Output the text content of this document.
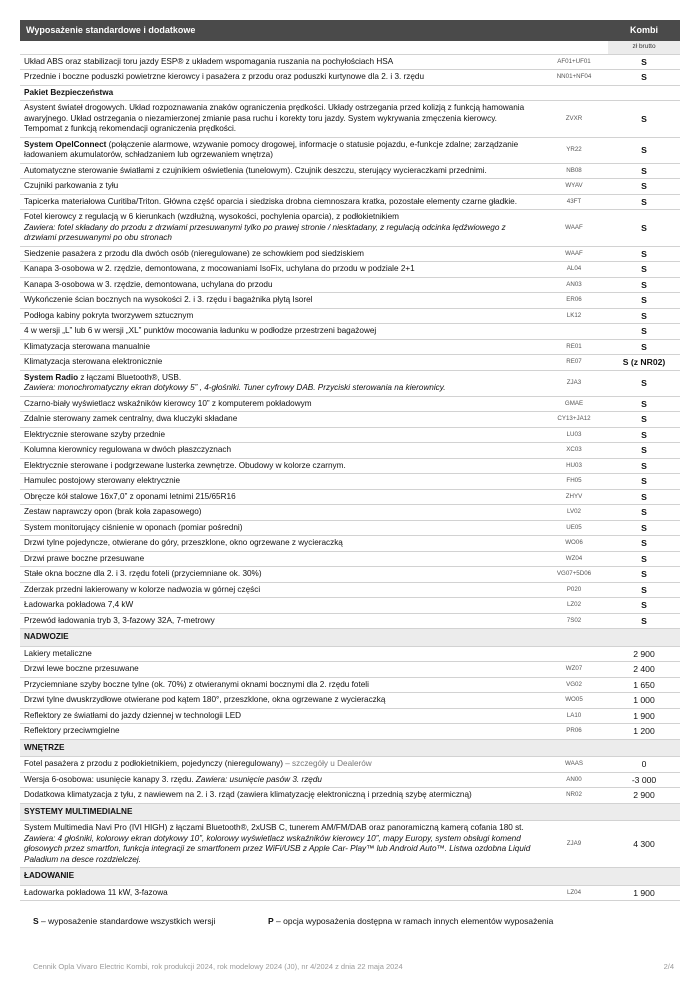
Wyposażenie standardowe i dodatkowe		Kombi
		zł brutto
Układ ABS oraz stabilizacji toru jazdy ESP® z układem wspomagania ruszania na pochyłościach HSA	AF01+UF01	S
Przednie i boczne poduszki powietrzne kierowcy i pasażera z przodu oraz poduszki kurtynowe dla 2. i 3. rzędu	NN01+NF04	S
Pakiet Bezpieczeństwa		
Asystent świateł drogowych. Układ rozpoznawania znaków ograniczenia prędkości. Układy ostrzegania przed kolizją z funkcją hamowania awaryjnego. Układ ostrzegania o niezamierzonej zmianie pasa ruchu i korekty toru jazdy. System wykrywania zmęczenia kierowcy. Tempomat z funkcją rekomendacji ograniczenia prędkości.	ZVXR	S
System OpelConnect (połączenie alarmowe, wzywanie pomocy drogowej, informacje o statusie pojazdu, e-funkcje zdalne; zarządzanie ładowaniem akumulatorów, schładzaniem lub ogrzewaniem wnętrza)	YR22	S
Automatyczne sterowanie światłami z czujnikiem oświetlenia (tunelowym). Czujnik deszczu, sterujący wycieraczkami przednimi.	NB08	S
Czujniki parkowania z tyłu	WYAV	S
Tapicerka materiałowa Curitiba/Triton. Główna część oparcia i siedziska drobna ciemnoszara kratka, pozostałe elementy czarne gładkie.	43FT	S
Fotel kierowcy z regulacją w 6 kierunkach (wzdłużną, wysokości, pochylenia oparcia), z podłokietnikiem
Zawiera: fotel składany do przodu z drzwiami przesuwanymi tylko po prawej stronie / niesktadany, z regulacją odcinka lędźwiowego z drzwiami przesuwanymi po obu stronach	WAAF	S
Siedzenie pasażera z przodu dla dwóch osób (nieregulowane) ze schowkiem pod siedziskiem	WAAF	S
Kanapa 3-osobowa w 2. rzędzie, demontowana, z mocowaniami IsoFix, uchylana do przodu w podziale 2+1	AL04	S
Kanapa 3-osobowa w 3. rzędzie, demontowana, uchylana do przodu	AN03	S
Wykończenie ścian bocznych na wysokości 2. i 3. rzędu i bagażnika płytą Isorel	ER06	S
Podłoga kabiny pokryta tworzywem sztucznym	LK12	S
4 w wersji „L” lub 6 w wersji „XL” punktów mocowania ładunku w podłodze przestrzeni bagażowej		S
Klimatyzacja sterowana manualnie	RE01	S
Klimatyzacja sterowana elektronicznie	RE07	S (z NR02)
System Radio z łączami Bluetooth®, USB.
Zawiera: monochromatyczny ekran dotykowy 5” , 4-głośniki. Tuner cyfrowy DAB. Przyciski sterowania na kierownicy.	ZJA3	S
Czarno-biały wyświetlacz wskaźników kierowcy 10” z komputerem pokładowym	GMAE	S
Zdalnie sterowany zamek centralny, dwa kluczyki składane	CY13+JA12	S
Elektrycznie sterowane szyby przednie	LU03	S
Kolumna kierownicy regulowana w dwóch płaszczyznach	XC03	S
Elektrycznie sterowane i podgrzewane lusterka zewnętrze. Obudowy w kolorze czarnym.	HU03	S
Hamulec postojowy sterowany elektrycznie	FH05	S
Obręcze kół stalowe 16x7,0” z oponami letnimi 215/65R16	ZHYV	S
Zestaw naprawczy opon (brak koła zapasowego)	LV02	S
System monitorujący ciśnienie w oponach (pomiar pośredni)	UE05	S
Drzwi tylne pojedyncze, otwierane do góry, przeszklone, okno ogrzewane z wycieraczką	WO06	S
Drzwi prawe boczne przesuwane	WZ04	S
Stałe okna boczne dla 2. i 3. rzędu foteli (przyciemniane ok. 30%)	VG07+5D06	S
Zderzak przedni lakierowany w kolorze nadwozia w górnej części	P020	S
Ładowarka pokładowa 7,4 kW	LZ02	S
Przewód ładowania tryb 3, 3-fazowy 32A, 7-metrowy	7S02	S
NADWOZIE		
Lakiery metaliczne		2 900
Drzwi lewe boczne przesuwane	WZ07	2 400
Przyciemniane szyby boczne tylne (ok. 70%) z otwieranymi oknami bocznymi dla 2. rzędu foteli	VG02	1 650
Drzwi tylne dwuskrzydłowe otwierane pod kątem 180°, przeszklone, okna ogrzewane z wycieraczką	WO05	1 000
Reflektory ze światłami do jazdy dziennej w technologii LED	LA10	1 900
Reflektory przeciwmgielne	PR06	1 200
WNĘTRZE		
Fotel pasażera z przodu z podłokietnikiem, pojedynczy (nieregulowany) – szczegóły u Dealerów	WAAS	0
Wersja 6-osobowa: usunięcie kanapy 3. rzędu. Zawiera: usunięcie pasów 3. rzędu	AN00	-3 000
Dodatkowa klimatyzacja z tyłu, z nawiewem na 2. i 3. rząd (zawiera klimatyzację elektroniczną i przednią szybę atermiczną)	NR02	2 900
SYSTEMY MULTIMEDIALNE		
System Multimedia Navi Pro (IVI HIGH) z łączami Bluetooth®, 2xUSB C, tunerem AM/FM/DAB oraz panoramiczną kamerą cofania 180 st.
Zawiera: 4 głośniki, kolorowy ekran dotykowy 10”, kolorowy wyświetlacz wskaźników kierowcy 10”, mapy Europy, system obsługi komend głosowych przez smartfon, funkcja integracji ze smartfonem przez WiFi/USB z Apple Car- Play™ lub Android Auto™. Listwa ozdobna Liquid Paladium na desce rozdzielczej.	ZJA9	4 300
ŁADOWANIE		
Ładowarka pokładowa 11 kW, 3-fazowa	LZ04	1 900
S – wyposażenie standardowe wszystkich wersji	P – opcja wyposażenia dostępna w ramach innych elementów wyposażenia
Cennik Opla Vivaro Electric Kombi, rok produkcji 2024, rok modelowy 2024 (J0), nr 4/2024 z dnia 22 maja 2024	2/4
